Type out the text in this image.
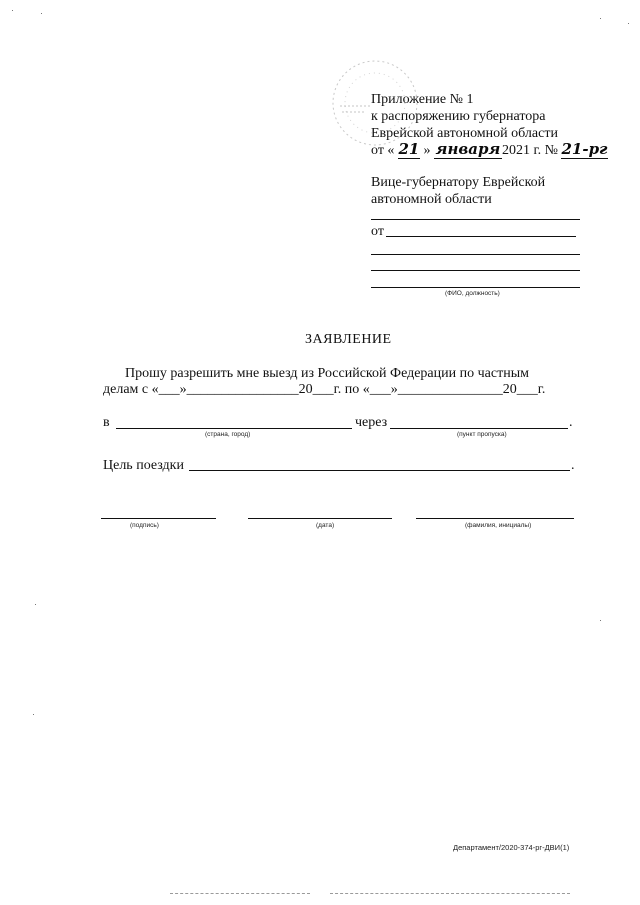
Приложение № 1
к распоряжению губернатора
Еврейской автономной области
от « 21 » января 2021 г. № 21-рг
Вице-губернатору Еврейской
автономной области
от
(ФИО, должность)
ЗАЯВЛЕНИЕ
Прошу разрешить мне выезд из Российской Федерации по частным
делам с «___»________________20___г. по «___»_______________20___г.
в	через	.
(страна, город)	(пункт пропуска)
Цель поездки	.
(подпись)	(дата)	(фамилия, инициалы)
Департамент/2020-374-рг-ДВИ(1)
